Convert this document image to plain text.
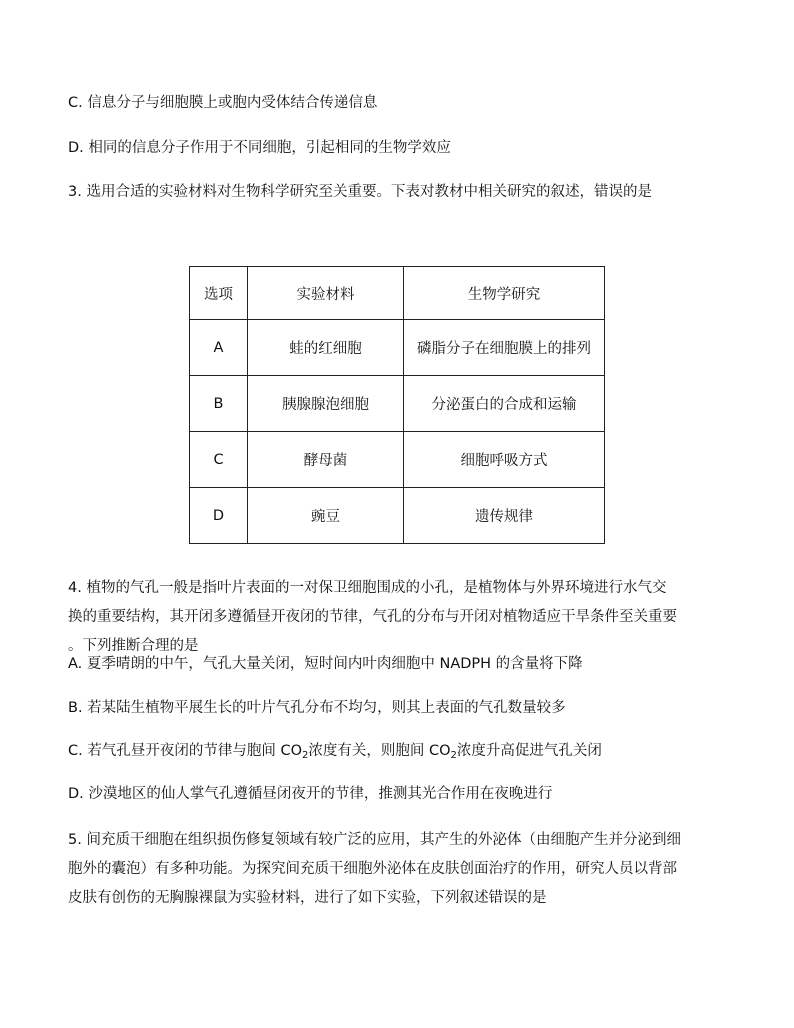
C. 信息分子与细胞膜上或胞内受体结合传递信息
D. 相同的信息分子作用于不同细胞，引起相同的生物学效应
3. 选用合适的实验材料对生物科学研究至关重要。下表对教材中相关研究的叙述，错误的是
选项	实验材料	生物学研究
A	蛙的红细胞	磷脂分子在细胞膜上的排列
B	胰腺腺泡细胞	分泌蛋白的合成和运输
C	酵母菌	细胞呼吸方式
D	豌豆	遗传规律
4. 植物的气孔一般是指叶片表面的一对保卫细胞围成的小孔，是植物体与外界环境进行水气交
换的重要结构，其开闭多遵循昼开夜闭的节律，气孔的分布与开闭对植物适应干旱条件至关重要
。下列推断合理的是
A. 夏季晴朗的中午，气孔大量关闭，短时间内叶肉细胞中 NADPH 的含量将下降
B. 若某陆生植物平展生长的叶片气孔分布不均匀，则其上表面的气孔数量较多
C. 若气孔昼开夜闭的节律与胞间 $CO_2$浓度有关，则胞间 $CO_2$浓度升高促进气孔关闭
D. 沙漠地区的仙人掌气孔遵循昼闭夜开的节律，推测其光合作用在夜晚进行
5. 间充质干细胞在组织损伤修复领域有较广泛的应用，其产生的外泌体（由细胞产生并分泌到细
胞外的囊泡）有多种功能。为探究间充质干细胞外泌体在皮肤创面治疗的作用，研究人员以背部
皮肤有创伤的无胸腺裸鼠为实验材料，进行了如下实验，下列叙述错误的是
